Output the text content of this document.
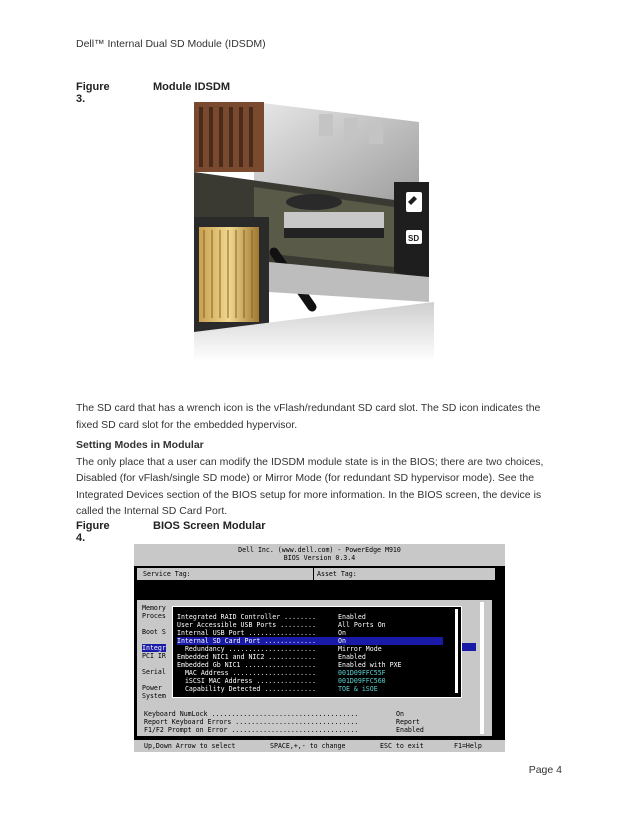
Dell™ Internal Dual SD Module (IDSDM)
Figure 3.
Module IDSDM
SD
The SD card that has a wrench icon is the vFlash/redundant SD card slot. The SD icon indicates the fixed SD card slot for the embedded hypervisor.
Setting Modes in Modular
The only place that a user can modify the IDSDM module state is in the BIOS; there are two choices, Disabled (for vFlash/single SD mode) or Mirror Mode (for redundant SD hypervisor mode). See the Integrated Devices section of the BIOS setup for more information. In the BIOS screen, the device is called the Internal SD Card Port.
Figure 4.
BIOS Screen Modular
Dell Inc. (www.dell.com) - PowerEdge M910
BIOS Version 0.3.4
Service Tag:	Asset Tag:
Memory
Proces
Boot S
Integr
PCI IR
Serial
Power
System
Integrated RAID Controller ........	Enabled
User Accessible USB Ports .........	All Ports On
Internal USB Port .................	On
Internal SD Card Port .............	On
Redundancy ......................	Mirror Mode
Embedded NIC1 and NIC2 ............	Enabled
Embedded Gb NIC1 ..................	Enabled with PXE
MAC Address .....................	001D09FFC55F
iSCSI MAC Address ...............	001D09FFC560
Capability Detected .............	TOE & iSOE
Keyboard NumLock .....................................	On
Report Keyboard Errors ...............................	Report
F1/F2 Prompt on Error ................................	Enabled
Up,Down Arrow to select	SPACE,+,- to change	ESC to exit	F1=Help
Page 4
